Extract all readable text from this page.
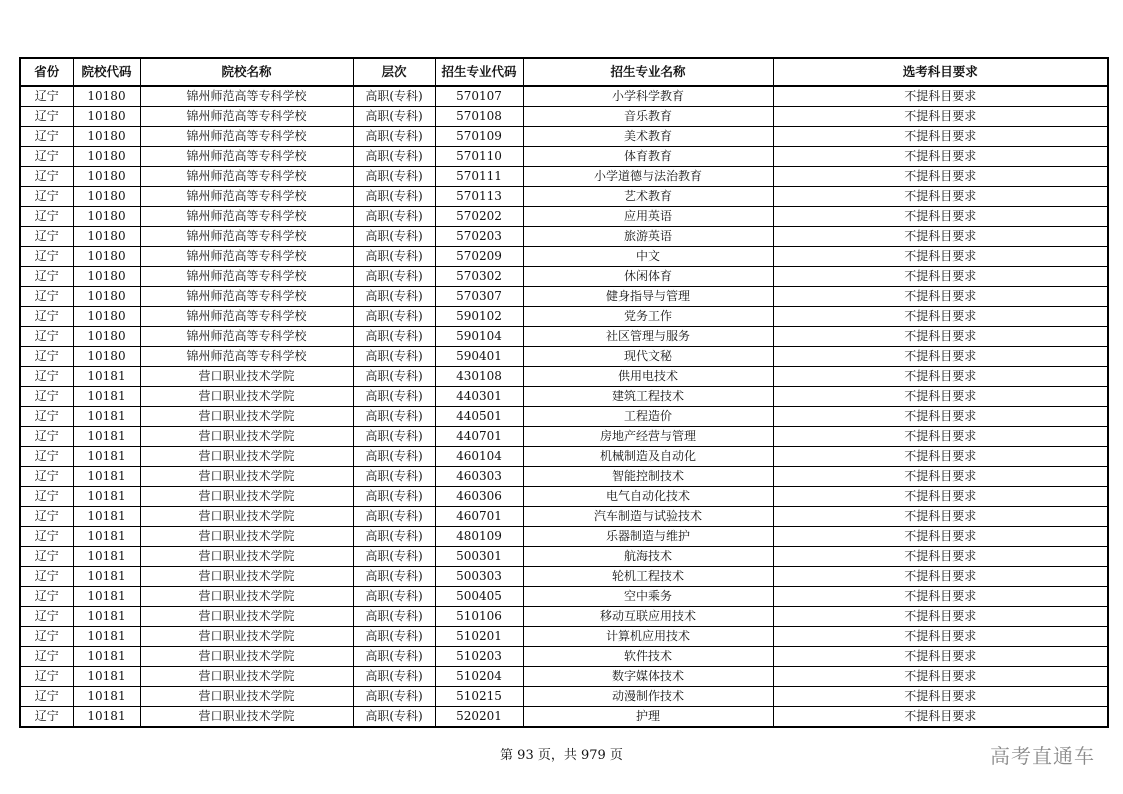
省份	院校代码	院校名称	层次	招生专业代码	招生专业名称	选考科目要求
辽宁	10180	锦州师范高等专科学校	高职(专科)	570107	小学科学教育	不提科目要求
辽宁	10180	锦州师范高等专科学校	高职(专科)	570108	音乐教育	不提科目要求
辽宁	10180	锦州师范高等专科学校	高职(专科)	570109	美术教育	不提科目要求
辽宁	10180	锦州师范高等专科学校	高职(专科)	570110	体育教育	不提科目要求
辽宁	10180	锦州师范高等专科学校	高职(专科)	570111	小学道德与法治教育	不提科目要求
辽宁	10180	锦州师范高等专科学校	高职(专科)	570113	艺术教育	不提科目要求
辽宁	10180	锦州师范高等专科学校	高职(专科)	570202	应用英语	不提科目要求
辽宁	10180	锦州师范高等专科学校	高职(专科)	570203	旅游英语	不提科目要求
辽宁	10180	锦州师范高等专科学校	高职(专科)	570209	中文	不提科目要求
辽宁	10180	锦州师范高等专科学校	高职(专科)	570302	休闲体育	不提科目要求
辽宁	10180	锦州师范高等专科学校	高职(专科)	570307	健身指导与管理	不提科目要求
辽宁	10180	锦州师范高等专科学校	高职(专科)	590102	党务工作	不提科目要求
辽宁	10180	锦州师范高等专科学校	高职(专科)	590104	社区管理与服务	不提科目要求
辽宁	10180	锦州师范高等专科学校	高职(专科)	590401	现代文秘	不提科目要求
辽宁	10181	营口职业技术学院	高职(专科)	430108	供用电技术	不提科目要求
辽宁	10181	营口职业技术学院	高职(专科)	440301	建筑工程技术	不提科目要求
辽宁	10181	营口职业技术学院	高职(专科)	440501	工程造价	不提科目要求
辽宁	10181	营口职业技术学院	高职(专科)	440701	房地产经营与管理	不提科目要求
辽宁	10181	营口职业技术学院	高职(专科)	460104	机械制造及自动化	不提科目要求
辽宁	10181	营口职业技术学院	高职(专科)	460303	智能控制技术	不提科目要求
辽宁	10181	营口职业技术学院	高职(专科)	460306	电气自动化技术	不提科目要求
辽宁	10181	营口职业技术学院	高职(专科)	460701	汽车制造与试验技术	不提科目要求
辽宁	10181	营口职业技术学院	高职(专科)	480109	乐器制造与维护	不提科目要求
辽宁	10181	营口职业技术学院	高职(专科)	500301	航海技术	不提科目要求
辽宁	10181	营口职业技术学院	高职(专科)	500303	轮机工程技术	不提科目要求
辽宁	10181	营口职业技术学院	高职(专科)	500405	空中乘务	不提科目要求
辽宁	10181	营口职业技术学院	高职(专科)	510106	移动互联应用技术	不提科目要求
辽宁	10181	营口职业技术学院	高职(专科)	510201	计算机应用技术	不提科目要求
辽宁	10181	营口职业技术学院	高职(专科)	510203	软件技术	不提科目要求
辽宁	10181	营口职业技术学院	高职(专科)	510204	数字媒体技术	不提科目要求
辽宁	10181	营口职业技术学院	高职(专科)	510215	动漫制作技术	不提科目要求
辽宁	10181	营口职业技术学院	高职(专科)	520201	护理	不提科目要求
第 93 页，共 979 页	高考直通车
